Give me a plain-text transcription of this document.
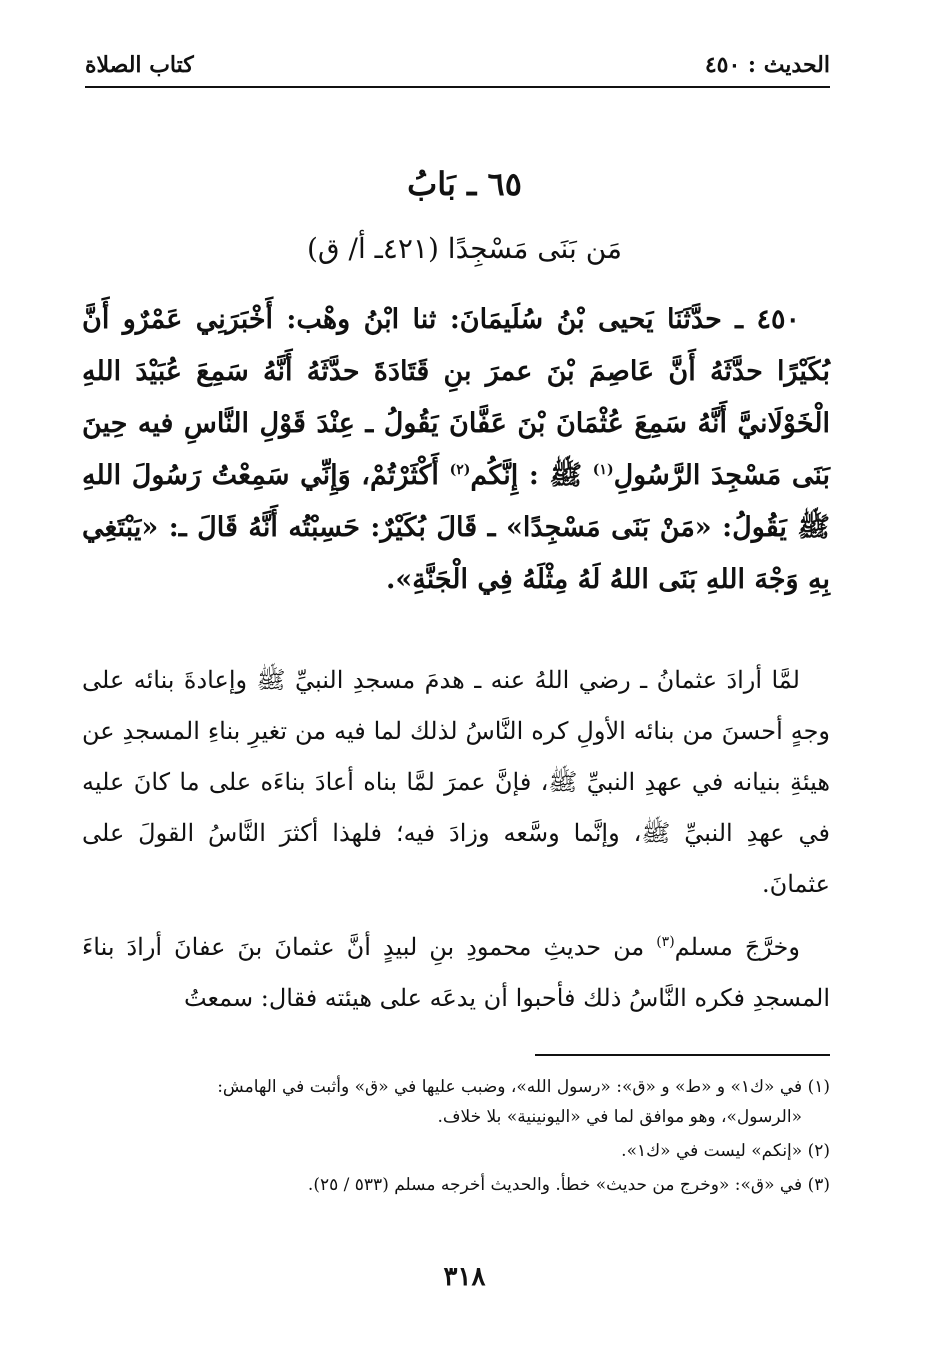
الحديث : ٤٥٠
كتاب الصلاة
٦٥ ـ بَابُ
مَن بَنَى مَسْجِدًا (٤٢١ـ أ/ ق)
٤٥٠ ـ حدَّثَنَا يَحيى بْنُ سُلَيمَانَ: ثنا ابْنُ وهْب: أَخْبَرَنِي عَمْرٌو أَنَّ بُكَيْرًا حدَّثَهُ أَنَّ عَاصِمَ بْنَ عمرَ بنِ قَتَادَةَ حدَّثَهُ أَنَّهُ سَمِعَ عُبَيْدَ اللهِ الْخَوْلَانيَّ أَنَّهُ سَمِعَ عُثْمَانَ بْنَ عَفَّانَ يَقُولُ ـ عِنْدَ قَوْلِ النَّاسِ فيه حِينَ بَنَى مَسْجِدَ الرَّسُولِ$^{(١)}$ ﷺ : إِنَّكُم$^{(٢)}$ أَكْثَرْتُمْ، وَإِنِّي سَمِعْتُ رَسُولَ اللهِ ﷺ يَقُولُ: «مَنْ بَنَى مَسْجِدًا» ـ قَالَ بُكَيْرٌ: حَسِبْتُه أَنَّهُ قَالَ ـ: «يَبْتَغِي بِهِ وَجْهَ اللهِ بَنَى اللهُ لَهُ مِثْلَهُ فِي الْجَنَّةِ».
لمَّا أرادَ عثمانُ ـ رضي اللهُ عنه ـ هدمَ مسجدِ النبيِّ ﷺ وإعادةَ بنائه على وجهٍ أحسنَ من بنائه الأولِ كره النَّاسُ لذلك لما فيه من تغيرِ بناءِ المسجدِ عن هيئةِ بنيانه في عهدِ النبيِّ ﷺ، فإنَّ عمرَ لمَّا بناه أعادَ بناءَه على ما كانَ عليه في عهدِ النبيِّ ﷺ، وإنَّما وسَّعه وزادَ فيه؛ فلهذا أكثرَ النَّاسُ القولَ على عثمانَ.
وخرَّجَ مسلم$^{(٣)}$ من حديثِ محمودِ بنِ لبيدٍ أنَّ عثمانَ بنَ عفانَ أرادَ بناءَ المسجدِ فكره النَّاسُ ذلك فأحبوا أن يدعَه على هيئته فقال: سمعتُ
(١) في «ك١» و «ط» و «ق»: «رسول الله»، وضبب عليها في «ق» وأثبت في الهامش:
«الرسول»، وهو موافق لما في «اليونينية» بلا خلاف.
(٢) «إنكم» ليست في «ك١».
(٣) في «ق»: «وخرج من حديث» خطأ. والحديث أخرجه مسلم (٥٣٣ / ٢٥).
٣١٨
